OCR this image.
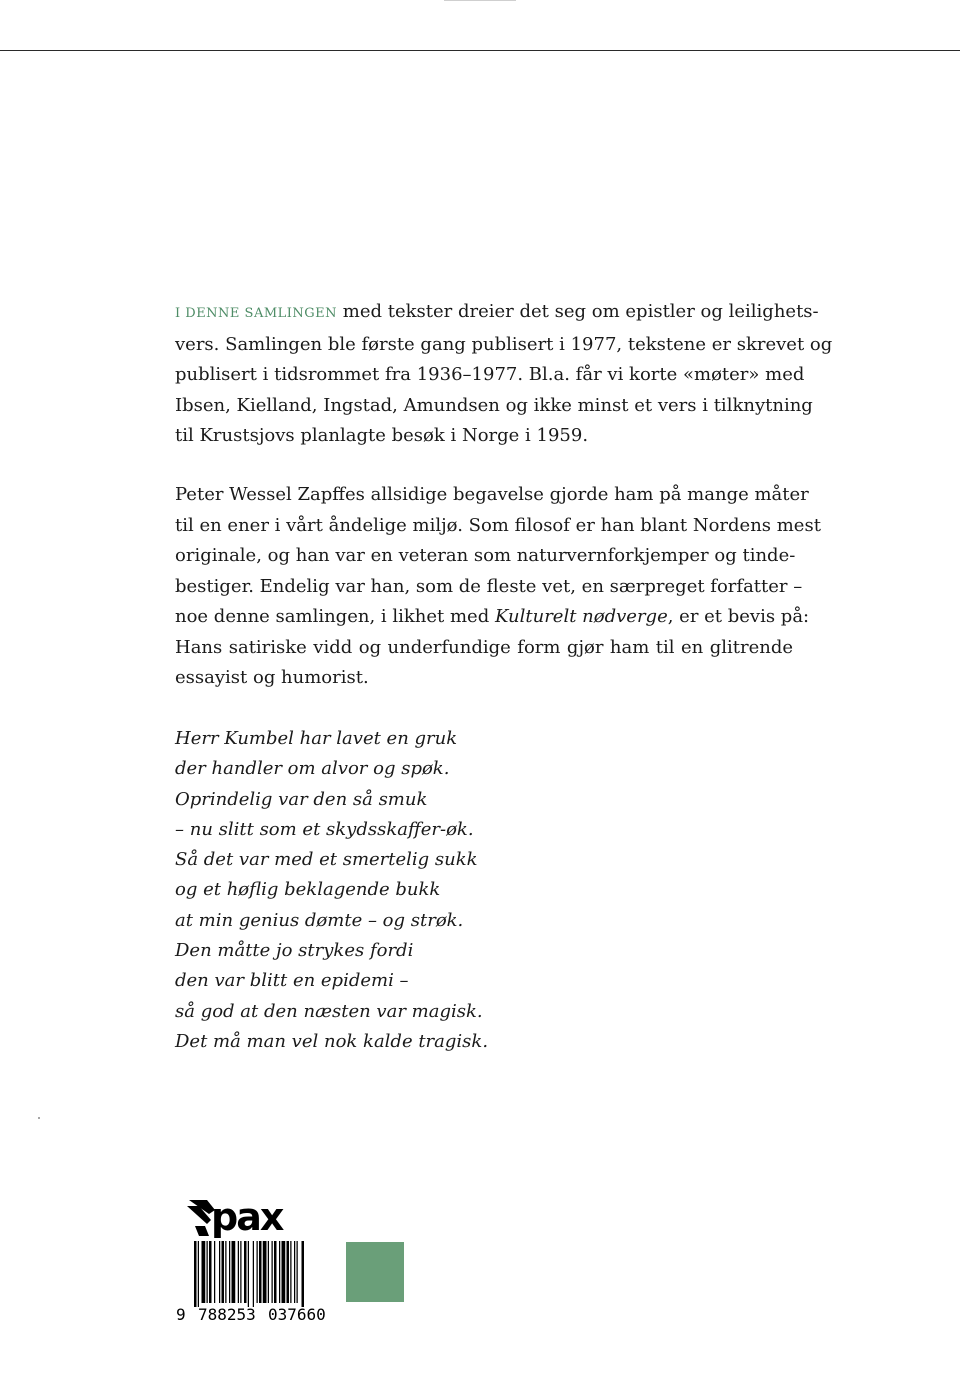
I DENNE SAMLINGEN med tekster dreier det seg om epistler og leilighets-
vers. Samlingen ble første gang publisert i 1977, tekstene er skrevet og
publisert i tidsrommet fra 1936–1977. Bl.a. får vi korte «møter» med
Ibsen, Kielland, Ingstad, Amundsen og ikke minst et vers i tilknytning
til Krustsjovs planlagte besøk i Norge i 1959.
Peter Wessel Zapffes allsidige begavelse gjorde ham på mange måter
til en ener i vårt åndelige miljø. Som filosof er han blant Nordens mest
originale, og han var en veteran som naturvernforkjemper og tinde-
bestiger. Endelig var han, som de fleste vet, en særpreget forfatter –
noe denne samlingen, i likhet med Kulturelt nødverge, er et bevis på:
Hans satiriske vidd og underfundige form gjør ham til en glitrende
essayist og humorist.
Herr Kumbel har lavet en gruk
der handler om alvor og spøk.
Oprindelig var den så smuk
– nu slitt som et skydsskaffer-øk.
Så det var med et smertelig sukk
og et høflig beklagende bukk
at min genius dømte – og strøk.
Den måtte jo strykes fordi
den var blitt en epidemi –
så god at den næsten var magisk.
Det må man vel nok kalde tragisk.
pax
9 788253 037660
